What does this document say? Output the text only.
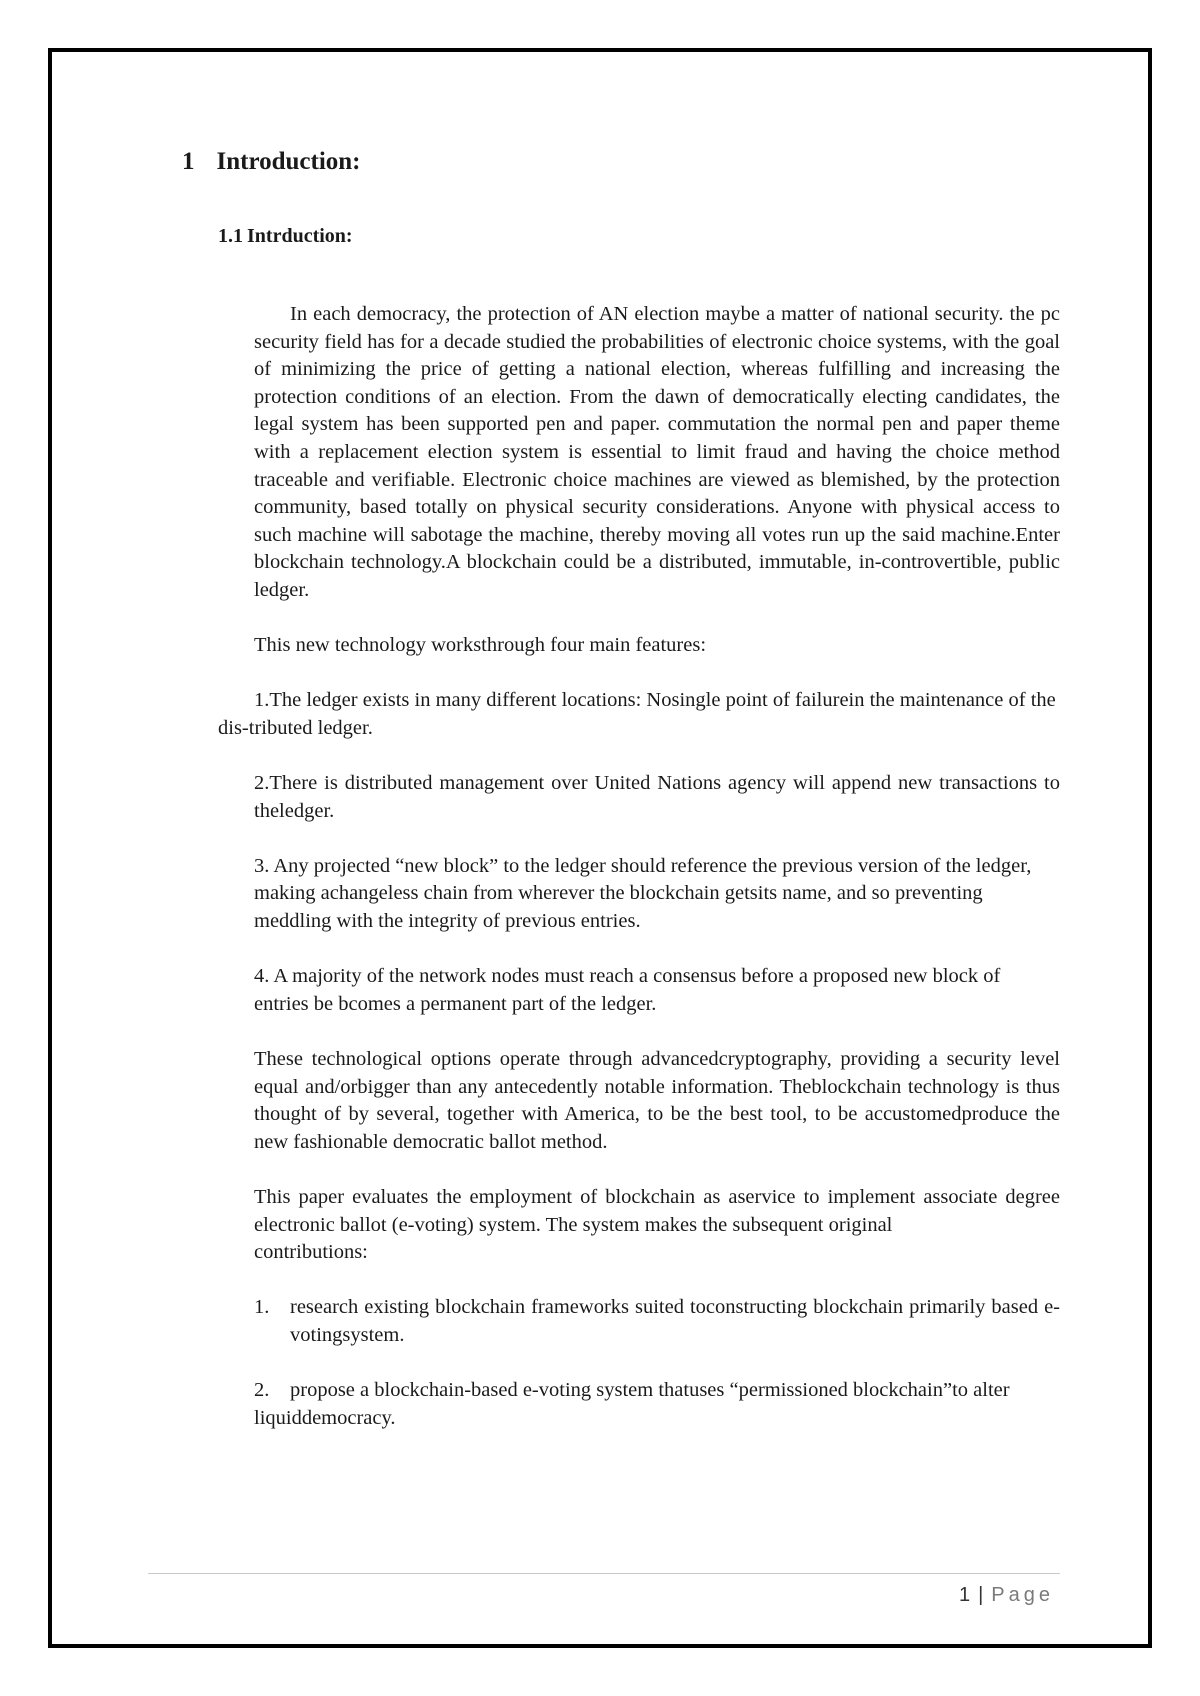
1 Introduction:
1.1 Intrduction:

In each democracy, the protection of AN election maybe a matter of national security. the pc security field has for a decade studied the probabilities of electronic choice systems, with the goal of minimizing the price of getting a national election, whereas fulfilling and increasing the protection conditions of an election. From the dawn of democratically electing candidates, the legal system has been supported pen and paper. commutation the normal pen and paper theme with a replacement election system is essential to limit fraud and having the choice method traceable and verifiable. Electronic choice machines are viewed as blemished, by the protection community, based totally on physical security considerations. Anyone with physical access to such machine will sabotage the machine, thereby moving all votes run up the said machine.Enter blockchain technology.A blockchain could be a distributed, immutable, in-controvertible, public ledger.

This new technology worksthrough four main features:

1.The ledger exists in many different locations: Nosingle point of failurein the maintenance of the dis-tributed ledger.

2.There is distributed management over United Nations agency will append new transactions to theledger.

3. Any projected “new block” to the ledger should reference the previous version of the ledger, making achangeless chain from wherever the blockchain getsits name, and so preventing meddling with the integrity of previous entries.

4. A majority of the network nodes must reach a consensus before a proposed new block of entries be bcomes a permanent part of the ledger.

These technological options operate through advancedcryptography, providing a security level equal and/orbigger than any antecedently notable information. Theblockchain technology is thus thought of by several, together with America, to be the best tool, to be accustomedproduce the new fashionable democratic ballot method.

This paper evaluates the employment of blockchain as aservice to implement associate degree electronic ballot (e-voting) system. The system makes the subsequent original
contributions:
1.	research existing blockchain frameworks suited toconstructing blockchain primarily based e-votingsystem.
2. propose a blockchain-based e-voting system thatuses “permissioned blockchain”to alter liquiddemocracy.
1 | Page
